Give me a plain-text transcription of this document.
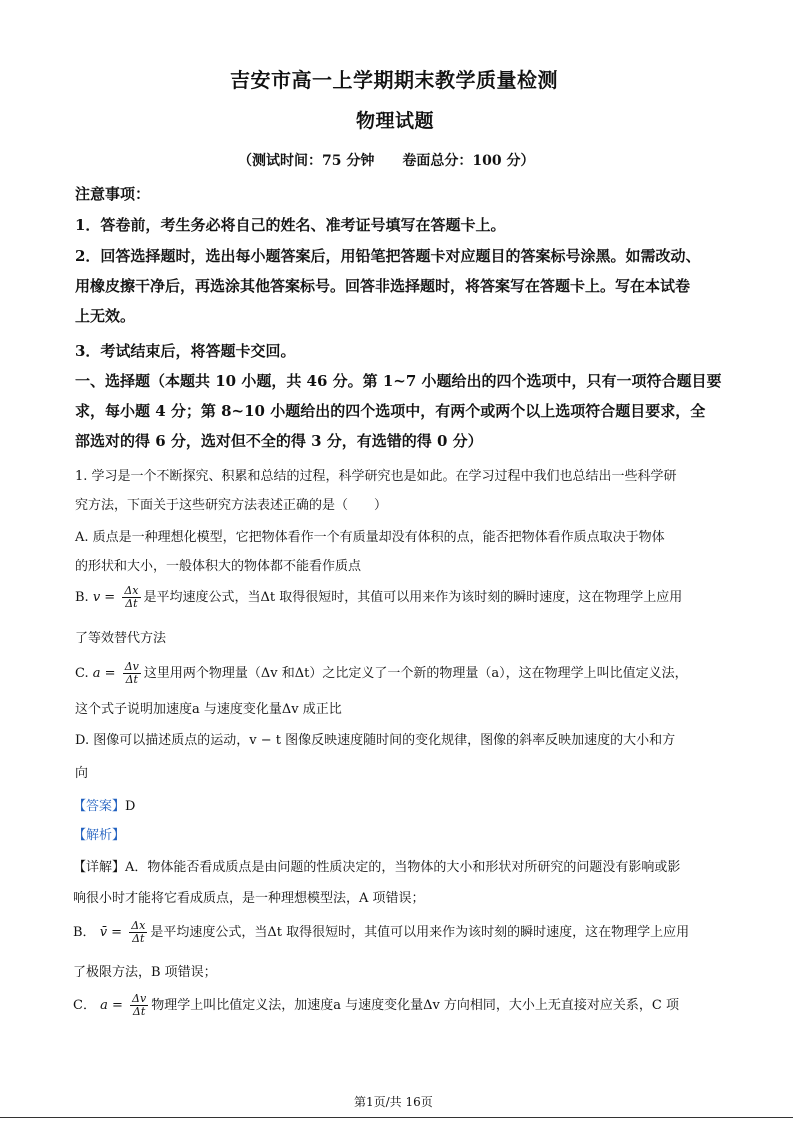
吉安市高一上学期期末教学质量检测
物理试题
（测试时间：75 分钟　　卷面总分：100 分）
注意事项：
1．答卷前，考生务必将自己的姓名、准考证号填写在答题卡上。
2．回答选择题时，选出每小题答案后，用铅笔把答题卡对应题目的答案标号涂黑。如需改动、
用橡皮擦干净后，再选涂其他答案标号。回答非选择题时，将答案写在答题卡上。写在本试卷
上无效。
3．考试结束后，将答题卡交回。
一、选择题（本题共 10 小题，共 46 分。第 1~7 小题给出的四个选项中，只有一项符合题目要
求，每小题 4 分；第 8~10 小题给出的四个选项中，有两个或两个以上选项符合题目要求，全
部选对的得 6 分，选对但不全的得 3 分，有选错的得 0 分）
1. 学习是一个不断探究、积累和总结的过程，科学研究也是如此。在学习过程中我们也总结出一些科学研
究方法，下面关于这些研究方法表述正确的是（　　）
A. 质点是一种理想化模型，它把物体看作一个有质量却没有体积的点，能否把物体看作质点取决于物体
的形状和大小，一般体积大的物体都不能看作质点
B. $v = \frac{\Delta x}{\Delta t}$ 是平均速度公式，当Δt 取得很短时，其值可以用来作为该时刻的瞬时速度，这在物理学上应用
了等效替代方法
C. $a = \frac{\Delta v}{\Delta t}$ 这里用两个物理量（Δv 和Δt）之比定义了一个新的物理量（a），这在物理学上叫比值定义法，
这个式子说明加速度a 与速度变化量Δv 成正比
D. 图像可以描述质点的运动，v − t 图像反映速度随时间的变化规律，图像的斜率反映加速度的大小和方
向
【答案】D
【解析】
【详解】A．物体能否看成质点是由问题的性质决定的，当物体的大小和形状对所研究的问题没有影响或影
响很小时才能将它看成质点，是一种理想模型法，A 项错误；
B． v̄ = $\frac{\Delta x}{\Delta t}$ 是平均速度公式，当Δt 取得很短时，其值可以用来作为该时刻的瞬时速度，这在物理学上应用
了极限方法，B 项错误；
C． $a = \frac{\Delta v}{\Delta t}$ 物理学上叫比值定义法，加速度a 与速度变化量Δv 方向相同，大小上无直接对应关系，C 项
第1页/共 16页
